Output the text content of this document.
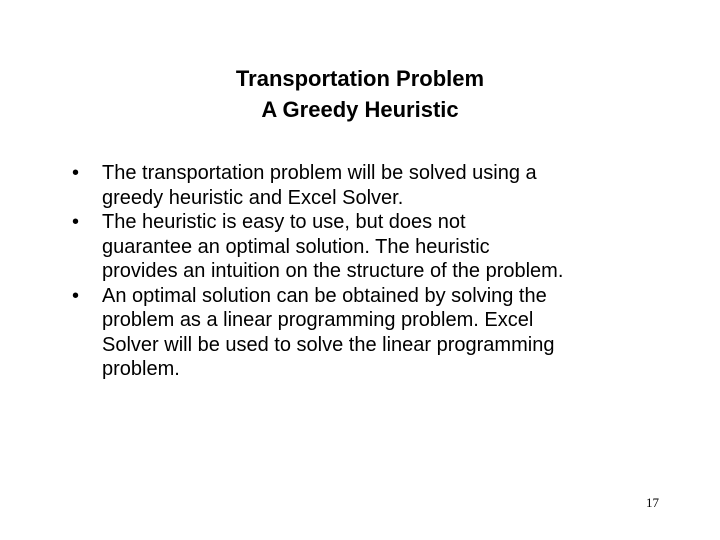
Transportation Problem
A Greedy Heuristic
•	The transportation problem will be solved using a
greedy heuristic and Excel Solver.
•	The heuristic is easy to use, but does not
guarantee an optimal solution. The heuristic
provides an intuition on the structure of the problem.
•	An optimal solution can be obtained by solving the
problem as a linear programming problem. Excel
Solver will be used to solve the linear programming
problem.
17
